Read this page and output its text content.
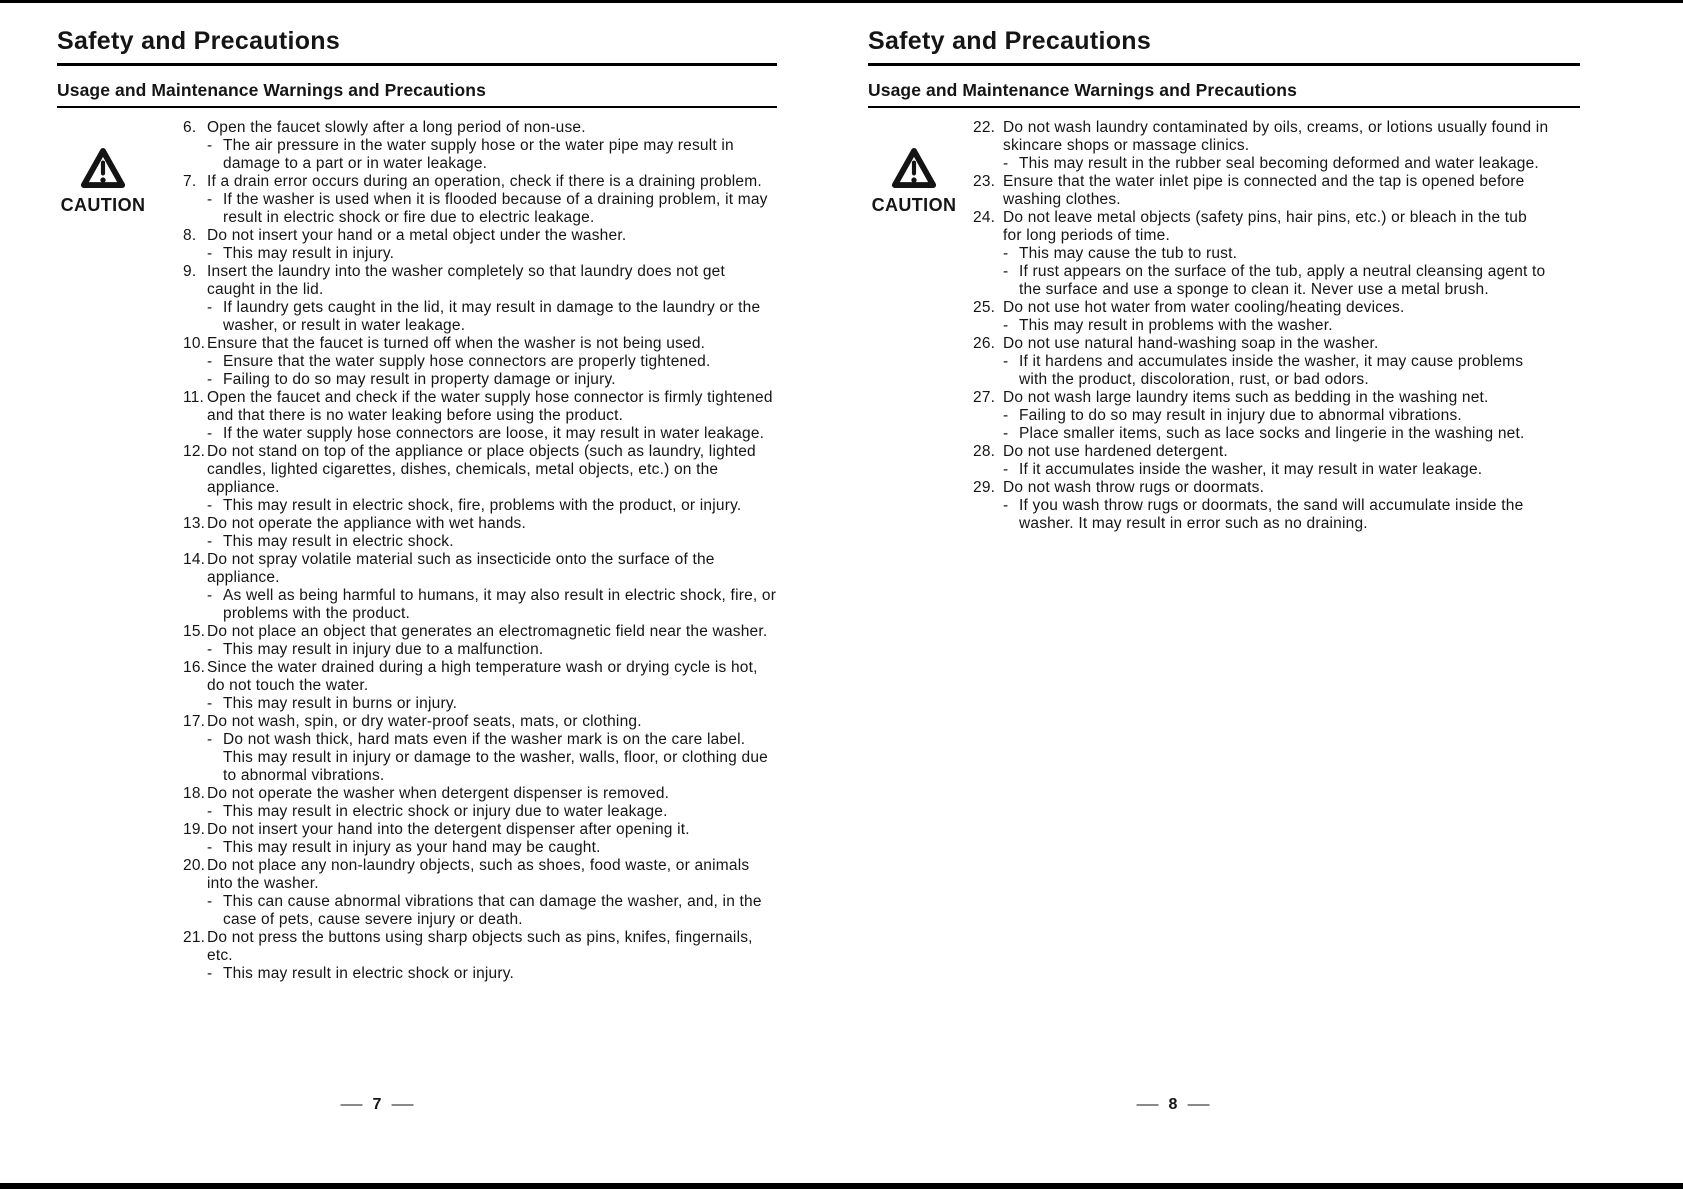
Safety and Precautions
Usage and Maintenance Warnings and Precautions
CAUTION
6. Open the faucet slowly after a long period of non-use.
- The air pressure in the water supply hose or the water pipe may result in damage to a part or in water leakage.
7. If a drain error occurs during an operation, check if there is a draining problem.
- If the washer is used when it is flooded because of a draining problem, it may result in electric shock or fire due to electric leakage.
8. Do not insert your hand or a metal object under the washer.
- This may result in injury.
9. Insert the laundry into the washer completely so that laundry does not get caught in the lid.
- If laundry gets caught in the lid, it may result in damage to the laundry or the washer, or result in water leakage.
10. Ensure that the faucet is turned off when the washer is not being used.
- Ensure that the water supply hose connectors are properly tightened.
- Failing to do so may result in property damage or injury.
11. Open the faucet and check if the water supply hose connector is firmly tightened and that there is no water leaking before using the product.
- If the water supply hose connectors are loose, it may result in water leakage.
12. Do not stand on top of the appliance or place objects (such as laundry, lighted candles, lighted cigarettes, dishes, chemicals, metal objects, etc.) on the appliance.
- This may result in electric shock, fire, problems with the product, or injury.
13. Do not operate the appliance with wet hands.
- This may result in electric shock.
14. Do not spray volatile material such as insecticide onto the surface of the appliance.
- As well as being harmful to humans, it may also result in electric shock, fire, or problems with the product.
15. Do not place an object that generates an electromagnetic field near the washer.
- This may result in injury due to a malfunction.
16. Since the water drained during a high temperature wash or drying cycle is hot, do not touch the water.
- This may result in burns or injury.
17. Do not wash, spin, or dry water-proof seats, mats, or clothing.
- Do not wash thick, hard mats even if the washer mark is on the care label.
This may result in injury or damage to the washer, walls, floor, or clothing due to abnormal vibrations.
18. Do not operate the washer when detergent dispenser is removed.
- This may result in electric shock or injury due to water leakage.
19. Do not insert your hand into the detergent dispenser after opening it.
- This may result in injury as your hand may be caught.
20. Do not place any non-laundry objects, such as shoes, food waste, or animals into the washer.
- This can cause abnormal vibrations that can damage the washer, and, in the case of pets, cause severe injury or death.
21. Do not press the buttons using sharp objects such as pins, knifes, fingernails, etc.
- This may result in electric shock or injury.
7
Safety and Precautions
Usage and Maintenance Warnings and Precautions
CAUTION
22. Do not wash laundry contaminated by oils, creams, or lotions usually found in skincare shops or massage clinics.
- This may result in the rubber seal becoming deformed and water leakage.
23. Ensure that the water inlet pipe is connected and the tap is opened before washing clothes.
24. Do not leave metal objects (safety pins, hair pins, etc.) or bleach in the tub for long periods of time.
- This may cause the tub to rust.
- If rust appears on the surface of the tub, apply a neutral cleansing agent to the surface and use a sponge to clean it. Never use a metal brush.
25. Do not use hot water from water cooling/heating devices.
- This may result in problems with the washer.
26. Do not use natural hand-washing soap in the washer.
- If it hardens and accumulates inside the washer, it may cause problems with the product, discoloration, rust, or bad odors.
27. Do not wash large laundry items such as bedding in the washing net.
- Failing to do so may result in injury due to abnormal vibrations.
- Place smaller items, such as lace socks and lingerie in the washing net.
28. Do not use hardened detergent.
- If it accumulates inside the washer, it may result in water leakage.
29. Do not wash throw rugs or doormats.
- If you wash throw rugs or doormats, the sand will accumulate inside the washer. It may result in error such as no draining.
8
